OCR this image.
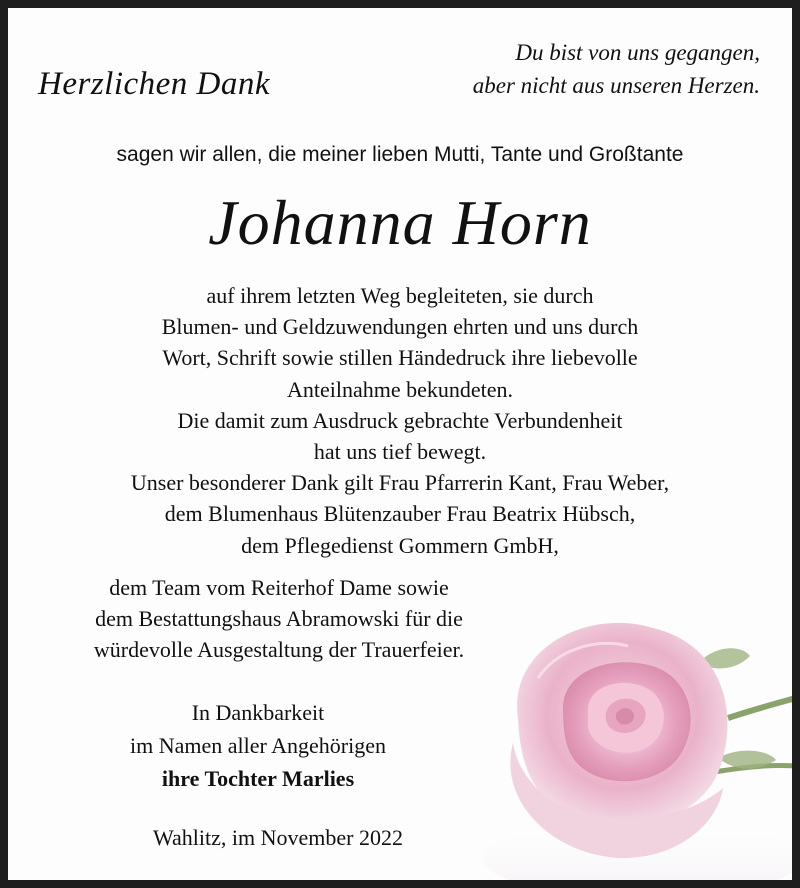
Herzlichen Dank
Du bist von uns gegangen,
aber nicht aus unseren Herzen.
sagen wir allen, die meiner lieben Mutti, Tante und Großtante
Johanna Horn
auf ihrem letzten Weg begleiteten, sie durch
Blumen- und Geldzuwendungen ehrten und uns durch
Wort, Schrift sowie stillen Händedruck ihre liebevolle
Anteilnahme bekundeten.
Die damit zum Ausdruck gebrachte Verbundenheit
hat uns tief bewegt.
Unser besonderer Dank gilt Frau Pfarrerin Kant, Frau Weber,
dem Blumenhaus Blütenzauber Frau Beatrix Hübsch,
dem Pflegedienst Gommern GmbH,
dem Team vom Reiterhof Dame sowie
dem Bestattungshaus Abramowski für die
würdevolle Ausgestaltung der Trauerfeier.
In Dankbarkeit
im Namen aller Angehörigen
ihre Tochter Marlies
Wahlitz, im November 2022
